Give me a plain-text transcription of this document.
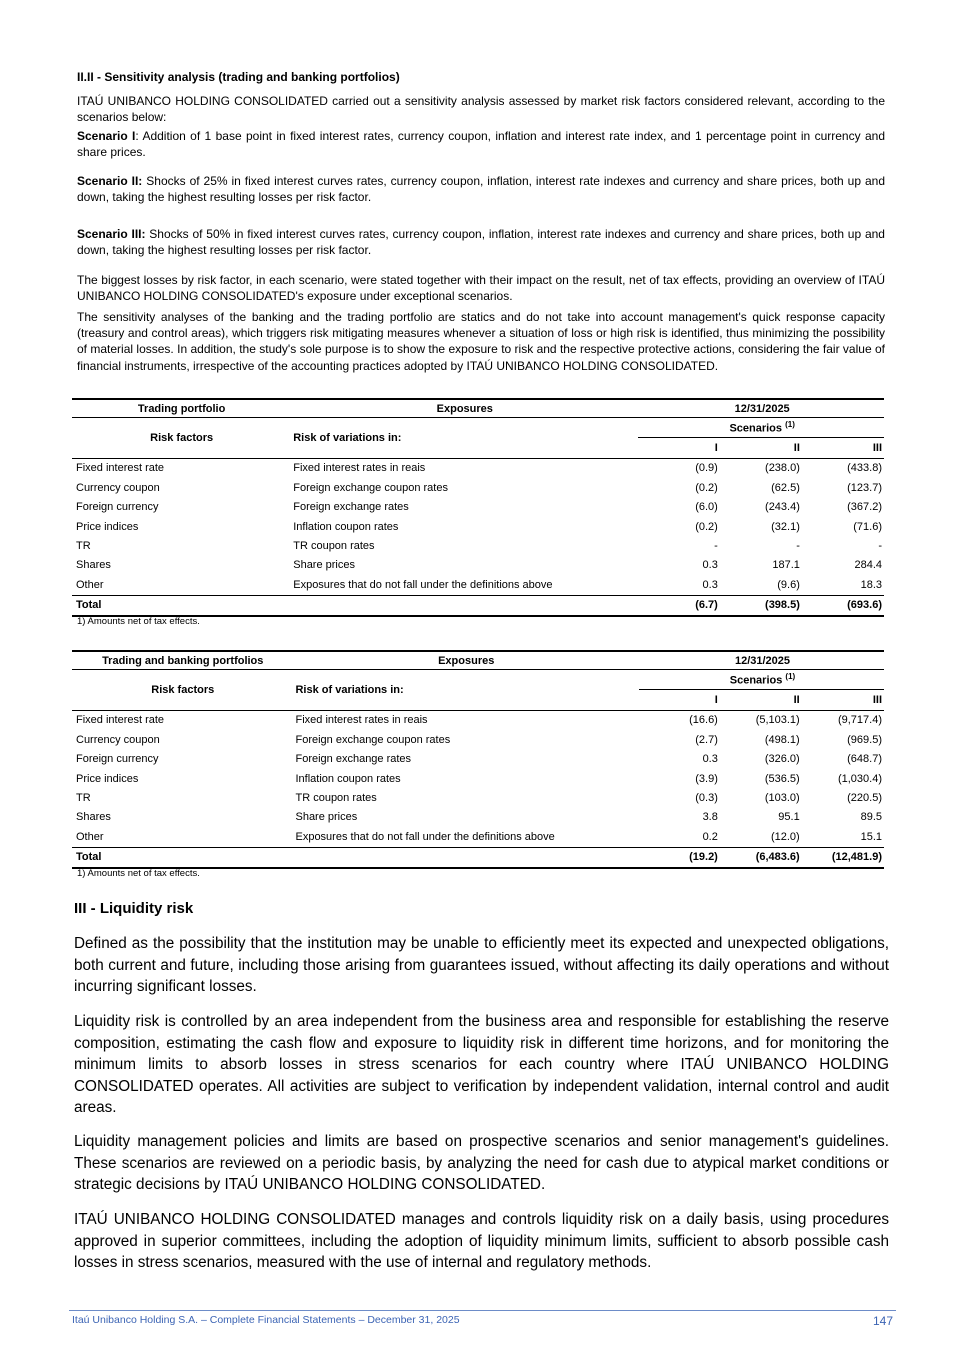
II.II - Sensitivity analysis (trading and banking portfolios)
ITAÚ UNIBANCO HOLDING CONSOLIDATED carried out a sensitivity analysis assessed by market risk factors considered relevant, according to the scenarios below:
Scenario I: Addition of 1 base point in fixed interest rates, currency coupon, inflation and interest rate index, and 1 percentage point in currency and share prices.
Scenario II: Shocks of 25% in fixed interest curves rates, currency coupon, inflation, interest rate indexes and currency and share prices, both up and down, taking the highest resulting losses per risk factor.
Scenario III: Shocks of 50% in fixed interest curves rates, currency coupon, inflation, interest rate indexes and currency and share prices, both up and down, taking the highest resulting losses per risk factor.
The biggest losses by risk factor, in each scenario, were stated together with their impact on the result, net of tax effects, providing an overview of ITAÚ UNIBANCO HOLDING CONSOLIDATED's exposure under exceptional scenarios.
The sensitivity analyses of the banking and the trading portfolio are statics and do not take into account management's quick response capacity (treasury and control areas), which triggers risk mitigating measures whenever a situation of loss or high risk is identified, thus minimizing the possibility of material losses. In addition, the study's sole purpose is to show the exposure to risk and the respective protective actions, considering the fair value of financial instruments, irrespective of the accounting practices adopted by ITAÚ UNIBANCO HOLDING CONSOLIDATED.
Trading portfolio	Exposures	12/31/2025		
Risk factors	Risk of variations in:	Scenarios $^{(1)}$
		I	II	III
Fixed interest rate	Fixed interest rates in reais	(0.9)	(238.0)	(433.8)
Currency coupon	Foreign exchange coupon rates	(0.2)	(62.5)	(123.7)
Foreign currency	Foreign exchange rates	(6.0)	(243.4)	(367.2)
Price indices	Inflation coupon rates	(0.2)	(32.1)	(71.6)
TR	TR coupon rates	-	-	-
Shares	Share prices	0.3	187.1	284.4
Other	Exposures that do not fall under the definitions above	0.3	(9.6)	18.3
Total		(6.7)	(398.5)	(693.6)
1) Amounts net of tax effects.
Trading and banking portfolios	Exposures	12/31/2025		
Risk factors	Risk of variations in:	Scenarios $^{(1)}$
		I	II	III
Fixed interest rate	Fixed interest rates in reais	(16.6)	(5,103.1)	(9,717.4)
Currency coupon	Foreign exchange coupon rates	(2.7)	(498.1)	(969.5)
Foreign currency	Foreign exchange rates	0.3	(326.0)	(648.7)
Price indices	Inflation coupon rates	(3.9)	(536.5)	(1,030.4)
TR	TR coupon rates	(0.3)	(103.0)	(220.5)
Shares	Share prices	3.8	95.1	89.5
Other	Exposures that do not fall under the definitions above	0.2	(12.0)	15.1
Total		(19.2)	(6,483.6)	(12,481.9)
1) Amounts net of tax effects.
III - Liquidity risk
Defined as the possibility that the institution may be unable to efficiently meet its expected and unexpected obligations, both current and future, including those arising from guarantees issued, without affecting its daily operations and without incurring significant losses.
Liquidity risk is controlled by an area independent from the business area and responsible for establishing the reserve composition, estimating the cash flow and exposure to liquidity risk in different time horizons, and for monitoring the minimum limits to absorb losses in stress scenarios for each country where ITAÚ UNIBANCO HOLDING CONSOLIDATED operates. All activities are subject to verification by independent validation, internal control and audit areas.
Liquidity management policies and limits are based on prospective scenarios and senior management's guidelines. These scenarios are reviewed on a periodic basis, by analyzing the need for cash due to atypical market conditions or strategic decisions by ITAÚ UNIBANCO HOLDING CONSOLIDATED.
ITAÚ UNIBANCO HOLDING CONSOLIDATED manages and controls liquidity risk on a daily basis, using procedures approved in superior committees, including the adoption of liquidity minimum limits, sufficient to absorb possible cash losses in stress scenarios, measured with the use of internal and regulatory methods.
Itaú Unibanco Holding S.A. – Complete Financial Statements – December 31, 2025	147
